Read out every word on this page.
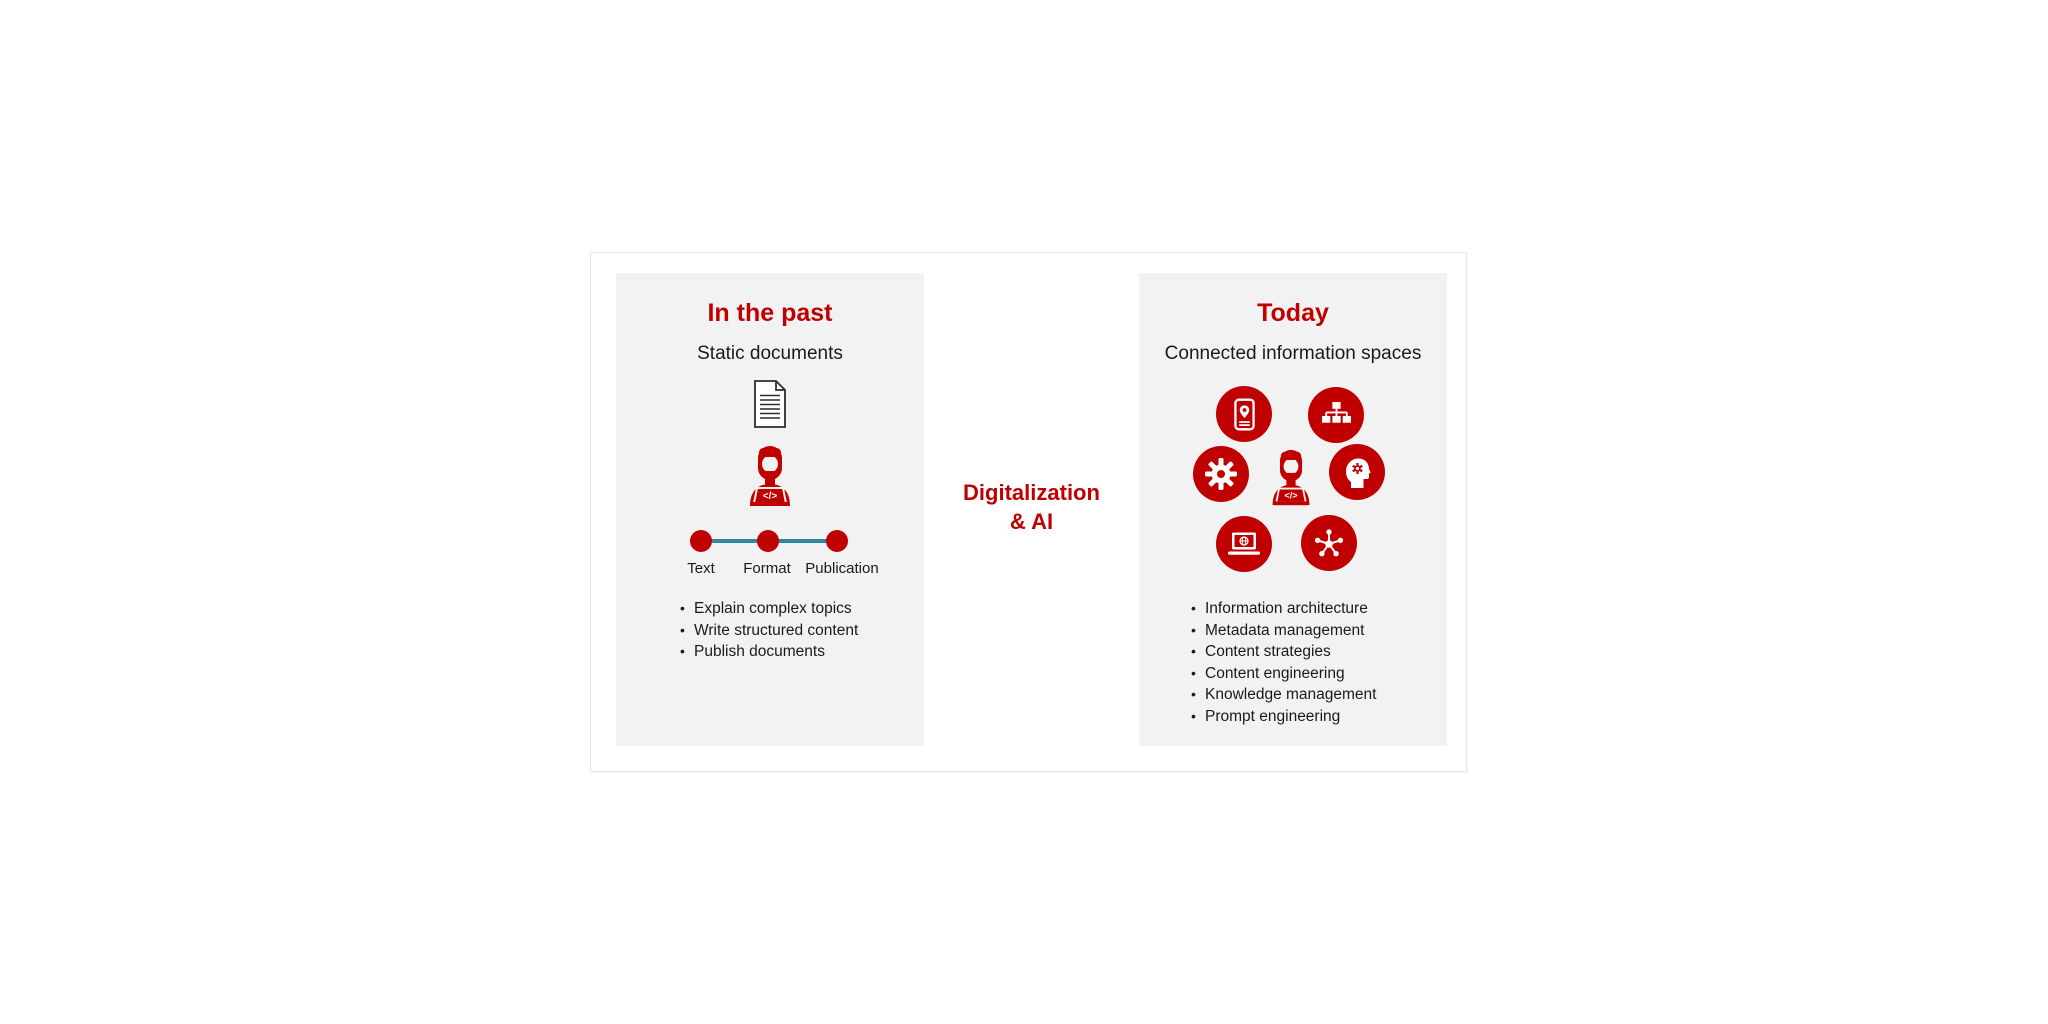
In the past
Static documents
</>
Text Format Publication
• Explain complex topics
• Write structured content
• Publish documents
Digitalization
& AI
Today
Connected information spaces
</>
• Information architecture
• Metadata management
• Content strategies
• Content engineering
• Knowledge management
• Prompt engineering
